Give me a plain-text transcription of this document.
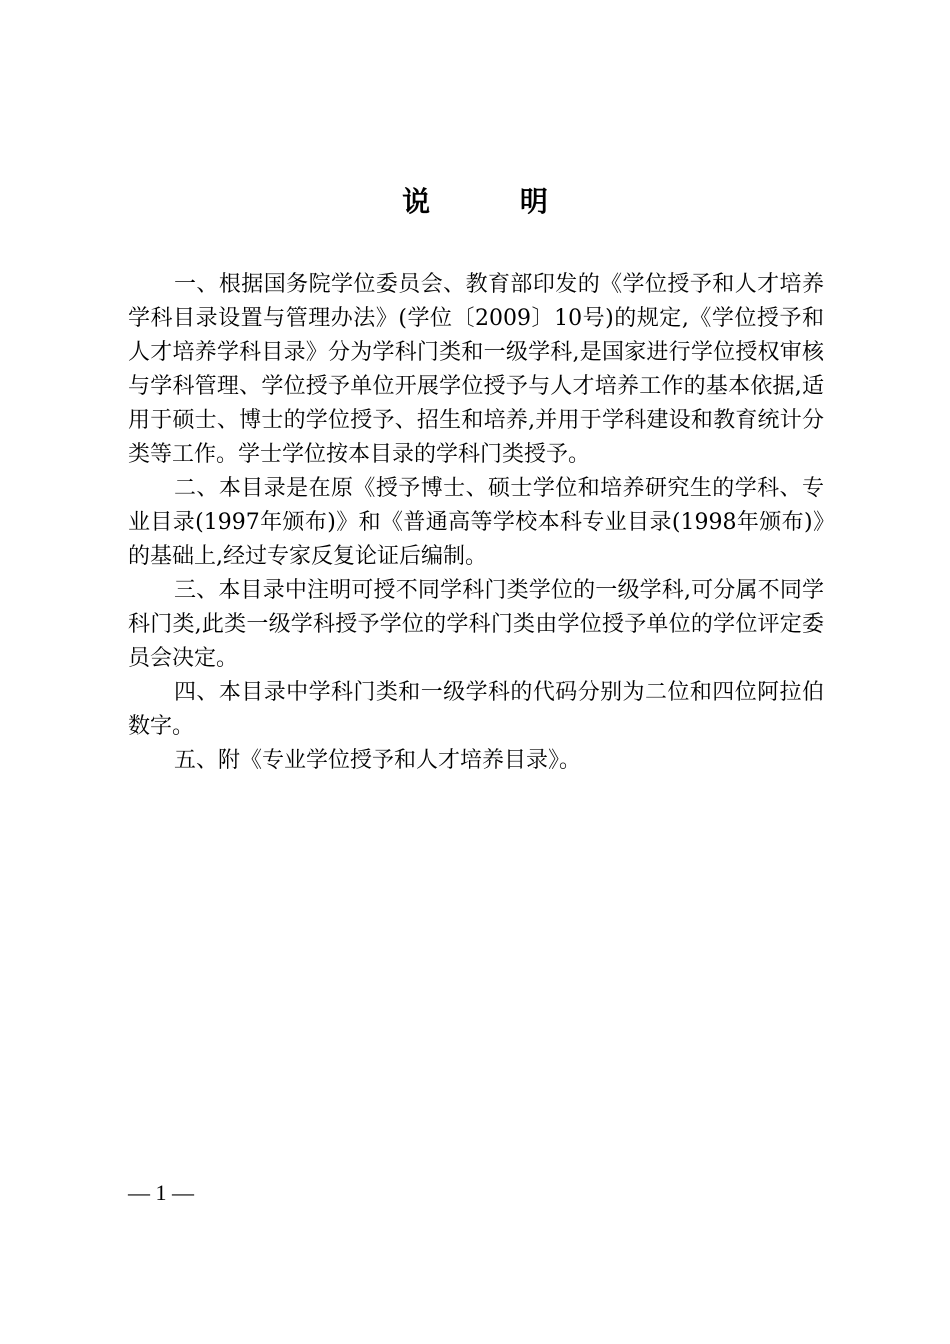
说 明

一、根据国务院学位委员会、教育部印发的《学位授予和人才培养学科目录设置与管理办法》(学位〔2009〕10号)的规定,《学位授予和人才培养学科目录》分为学科门类和一级学科,是国家进行学位授权审核与学科管理、学位授予单位开展学位授予与人才培养工作的基本依据,适用于硕士、博士的学位授予、招生和培养,并用于学科建设和教育统计分类等工作。学士学位按本目录的学科门类授予。

二、本目录是在原《授予博士、硕士学位和培养研究生的学科、专业目录(1997年颁布)》和《普通高等学校本科专业目录(1998年颁布)》的基础上,经过专家反复论证后编制。

三、本目录中注明可授不同学科门类学位的一级学科,可分属不同学科门类,此类一级学科授予学位的学科门类由学位授予单位的学位评定委员会决定。

四、本目录中学科门类和一级学科的代码分别为二位和四位阿拉伯数字。

五、附《专业学位授予和人才培养目录》。

— 1 —
